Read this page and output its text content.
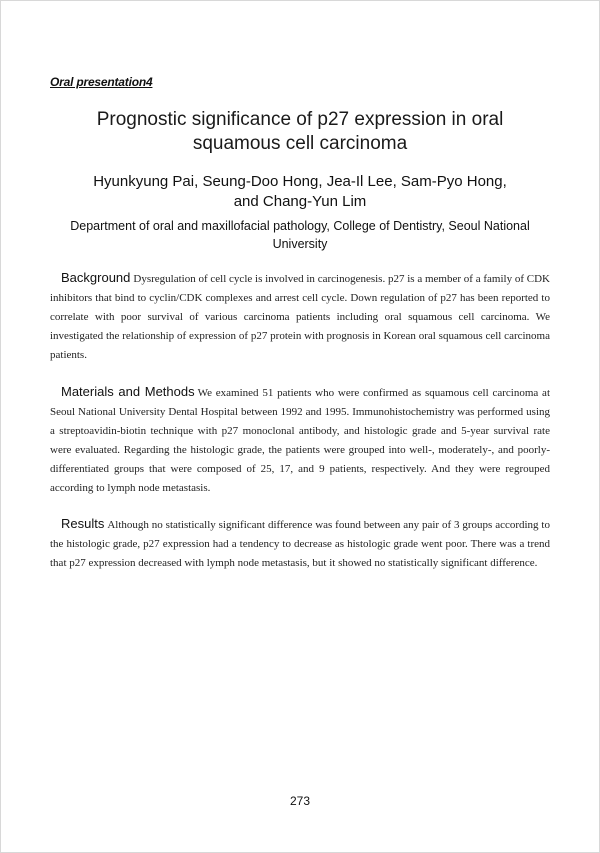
Oral presentation4
Prognostic significance of p27 expression in oral squamous cell carcinoma
Hyunkyung Pai, Seung-Doo Hong, Jea-Il Lee, Sam-Pyo Hong, and Chang-Yun Lim
Department of oral and maxillofacial pathology, College of Dentistry, Seoul National University

Background Dysregulation of cell cycle is involved in carcinogenesis. p27 is a member of a family of CDK inhibitors that bind to cyclin/CDK complexes and arrest cell cycle. Down regulation of p27 has been reported to correlate with poor survival of various carcinoma patients including oral squamous cell carcinoma. We investigated the relationship of expression of p27 protein with prognosis in Korean oral squamous cell carcinoma patients.

Materials and Methods We examined 51 patients who were confirmed as squamous cell carcinoma at Seoul National University Dental Hospital between 1992 and 1995. Immunohistochemistry was performed using a streptoavidin-biotin technique with p27 monoclonal antibody, and histologic grade and 5-year survival rate were evaluated. Regarding the histologic grade, the patients were grouped into well-, moderately-, and poorly-differentiated groups that were composed of 25, 17, and 9 patients, respectively. And they were regrouped according to lymph node metastasis.

Results Although no statistically significant difference was found between any pair of 3 groups according to the histologic grade, p27 expression had a tendency to decrease as histologic grade went poor. There was a trend that p27 expression decreased with lymph node metastasis, but it showed no statistically significant difference.

273
